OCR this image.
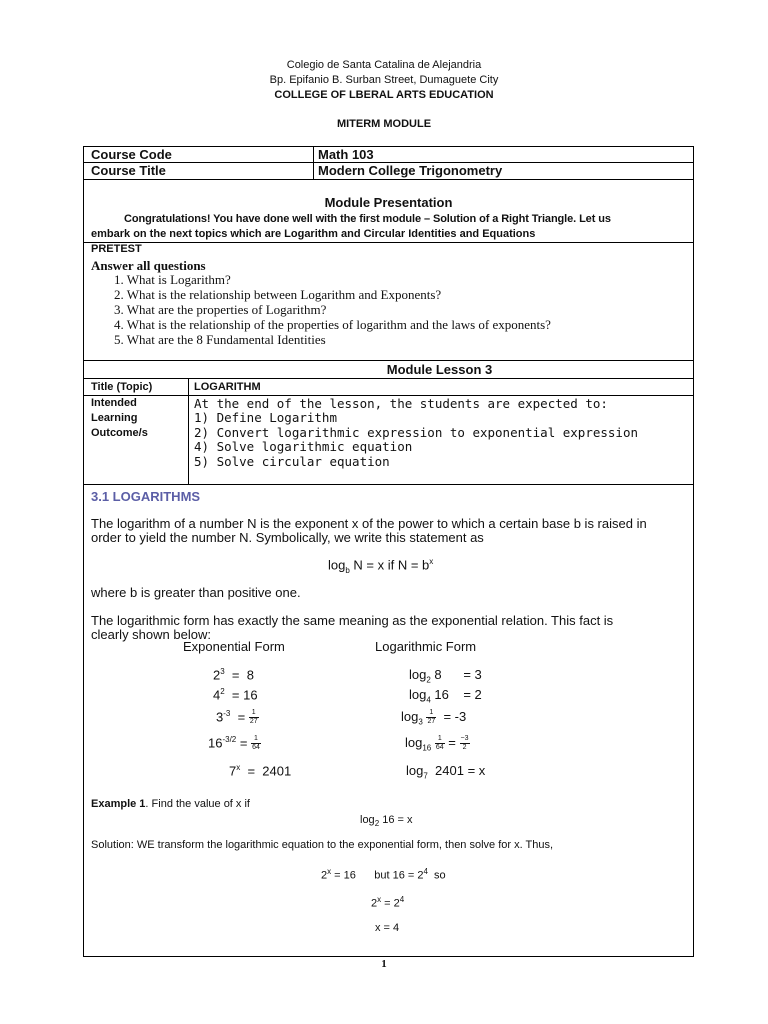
Colegio de Santa Catalina de Alejandria
Bp. Epifanio B. Surban Street, Dumaguete City
COLLEGE OF LBERAL ARTS EDUCATION
MITERM MODULE
Course Code	Math 103
Course Title	Modern College Trigonometry
Module Presentation
Congratulations! You have done well with the first module – Solution of a Right Triangle. Let us
embark on the next topics which are Logarithm and Circular Identities and Equations
PRETEST
Answer all questions
1. What is Logarithm?
2. What is the relationship between Logarithm and Exponents?
3. What are the properties of Logarithm?
4. What is the relationship of the properties of logarithm and the laws of exponents?
5. What are the 8 Fundamental Identities
Module Lesson 3
Title (Topic)	LOGARITHM
Intended
Learning
Outcome/s
At the end of the lesson, the students are expected to:
1) Define Logarithm
2) Convert logarithmic expression to exponential expression
4) Solve logarithmic equation
5) Solve circular equation
3.1 LOGARITHMS
The logarithm of a number N is the exponent x of the power to which a certain base b is raised in
order to yield the number N. Symbolically, we write this statement as
$\log_b N = x$ if $N = b^x$
where b is greater than positive one.
The logarithmic form has exactly the same meaning as the exponential relation. This fact is
clearly shown below:
Exponential Form	Logarithmic Form
$2^3 = 8$	$\log_2 8$      = 3
$4^2 = 16$	$\log_4 16$    = 2
$3^{-3} = \frac{1}{27}$	$\log_3 \frac{1}{27} = -3$
$16^{-3/2} = \frac{1}{64}$	$\log_{16} \frac{1}{64} = \frac{-3}{2}$
7$^x$  =  2401	$\log_7 2401 = x$
Example 1. Find the value of x if
$\log_2 16 = x$
Solution: WE transform the logarithmic equation to the exponential form, then solve for x. Thus,
$2^x = 16$      but $16 = 2^4$  so
$2^x = 2^4$
x = 4
1
